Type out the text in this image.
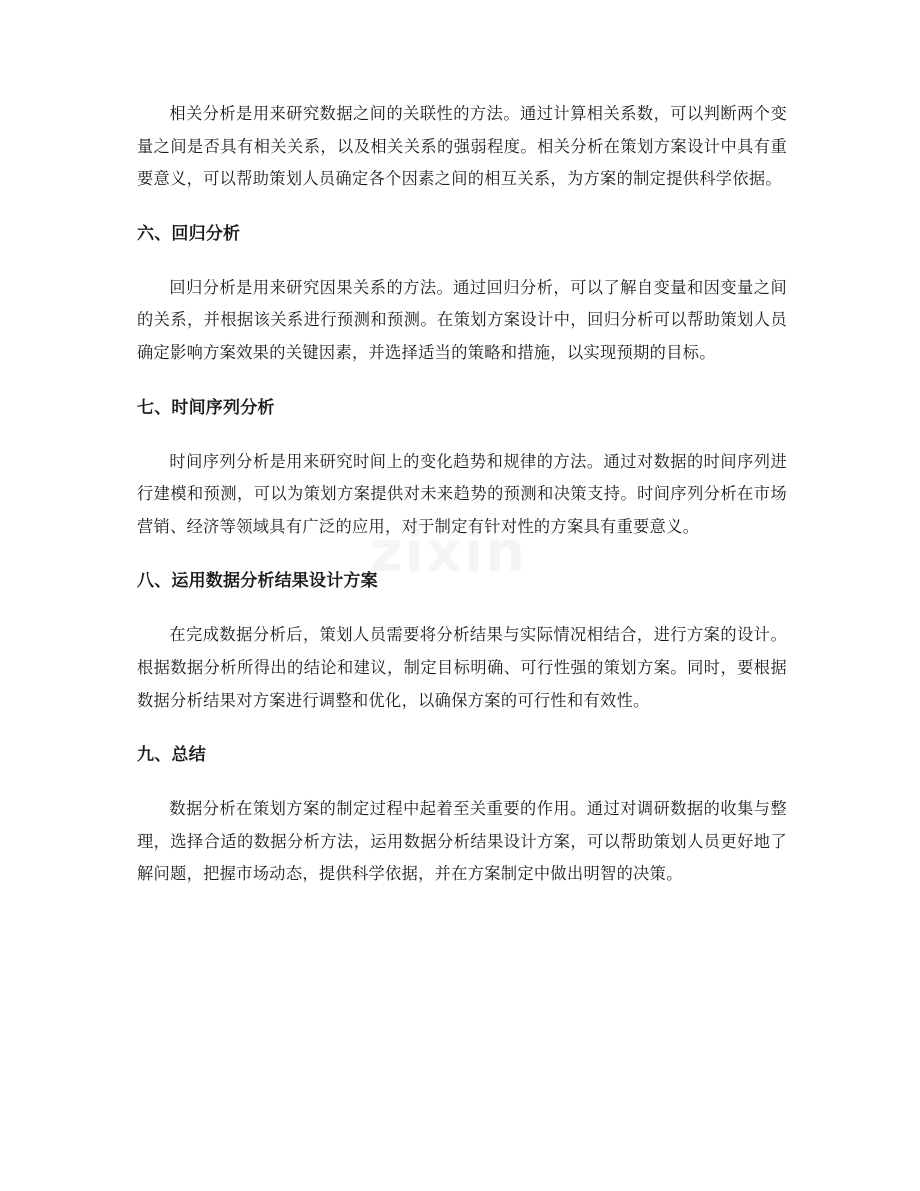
zixin

相关分析是用来研究数据之间的关联性的方法。通过计算相关系数，可以判断两个变量之间是否具有相关关系，以及相关关系的强弱程度。相关分析在策划方案设计中具有重要意义，可以帮助策划人员确定各个因素之间的相互关系，为方案的制定提供科学依据。

六、回归分析

回归分析是用来研究因果关系的方法。通过回归分析，可以了解自变量和因变量之间的关系，并根据该关系进行预测和预测。在策划方案设计中，回归分析可以帮助策划人员确定影响方案效果的关键因素，并选择适当的策略和措施，以实现预期的目标。

七、时间序列分析

时间序列分析是用来研究时间上的变化趋势和规律的方法。通过对数据的时间序列进行建模和预测，可以为策划方案提供对未来趋势的预测和决策支持。时间序列分析在市场营销、经济等领域具有广泛的应用，对于制定有针对性的方案具有重要意义。

八、运用数据分析结果设计方案

在完成数据分析后，策划人员需要将分析结果与实际情况相结合，进行方案的设计。根据数据分析所得出的结论和建议，制定目标明确、可行性强的策划方案。同时，要根据数据分析结果对方案进行调整和优化，以确保方案的可行性和有效性。

九、总结

数据分析在策划方案的制定过程中起着至关重要的作用。通过对调研数据的收集与整理，选择合适的数据分析方法，运用数据分析结果设计方案，可以帮助策划人员更好地了解问题，把握市场动态，提供科学依据，并在方案制定中做出明智的决策。
